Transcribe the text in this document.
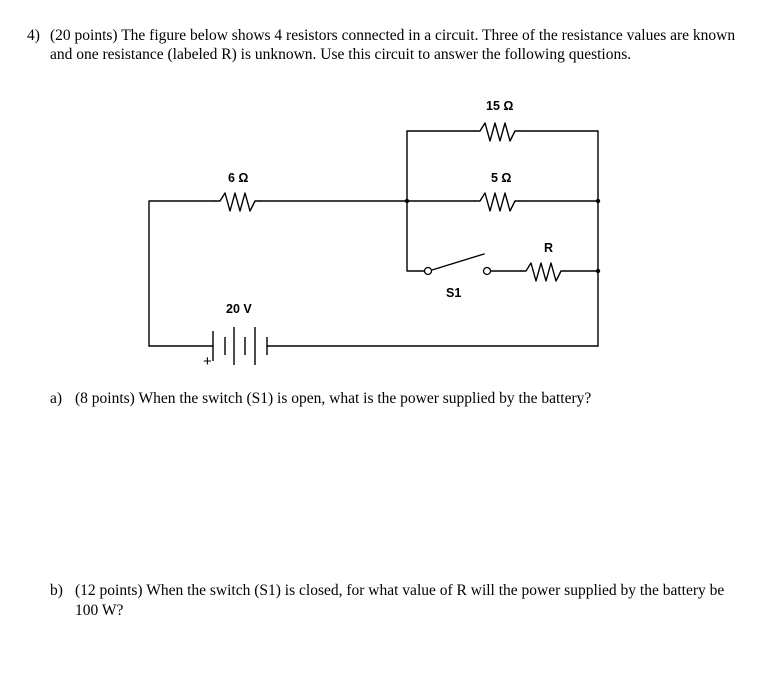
4) (20 points) The figure below shows 4 resistors connected in a circuit. Three of the resistance values are known and one resistance (labeled R) is unknown. Use this circuit to answer the following questions.
15 Ω
5 Ω
6 Ω
R
S1
20 V
+
a) (8 points) When the switch (S1) is open, what is the power supplied by the battery?
b) (12 points) When the switch (S1) is closed, for what value of R will the power supplied by the battery be 100 W?
